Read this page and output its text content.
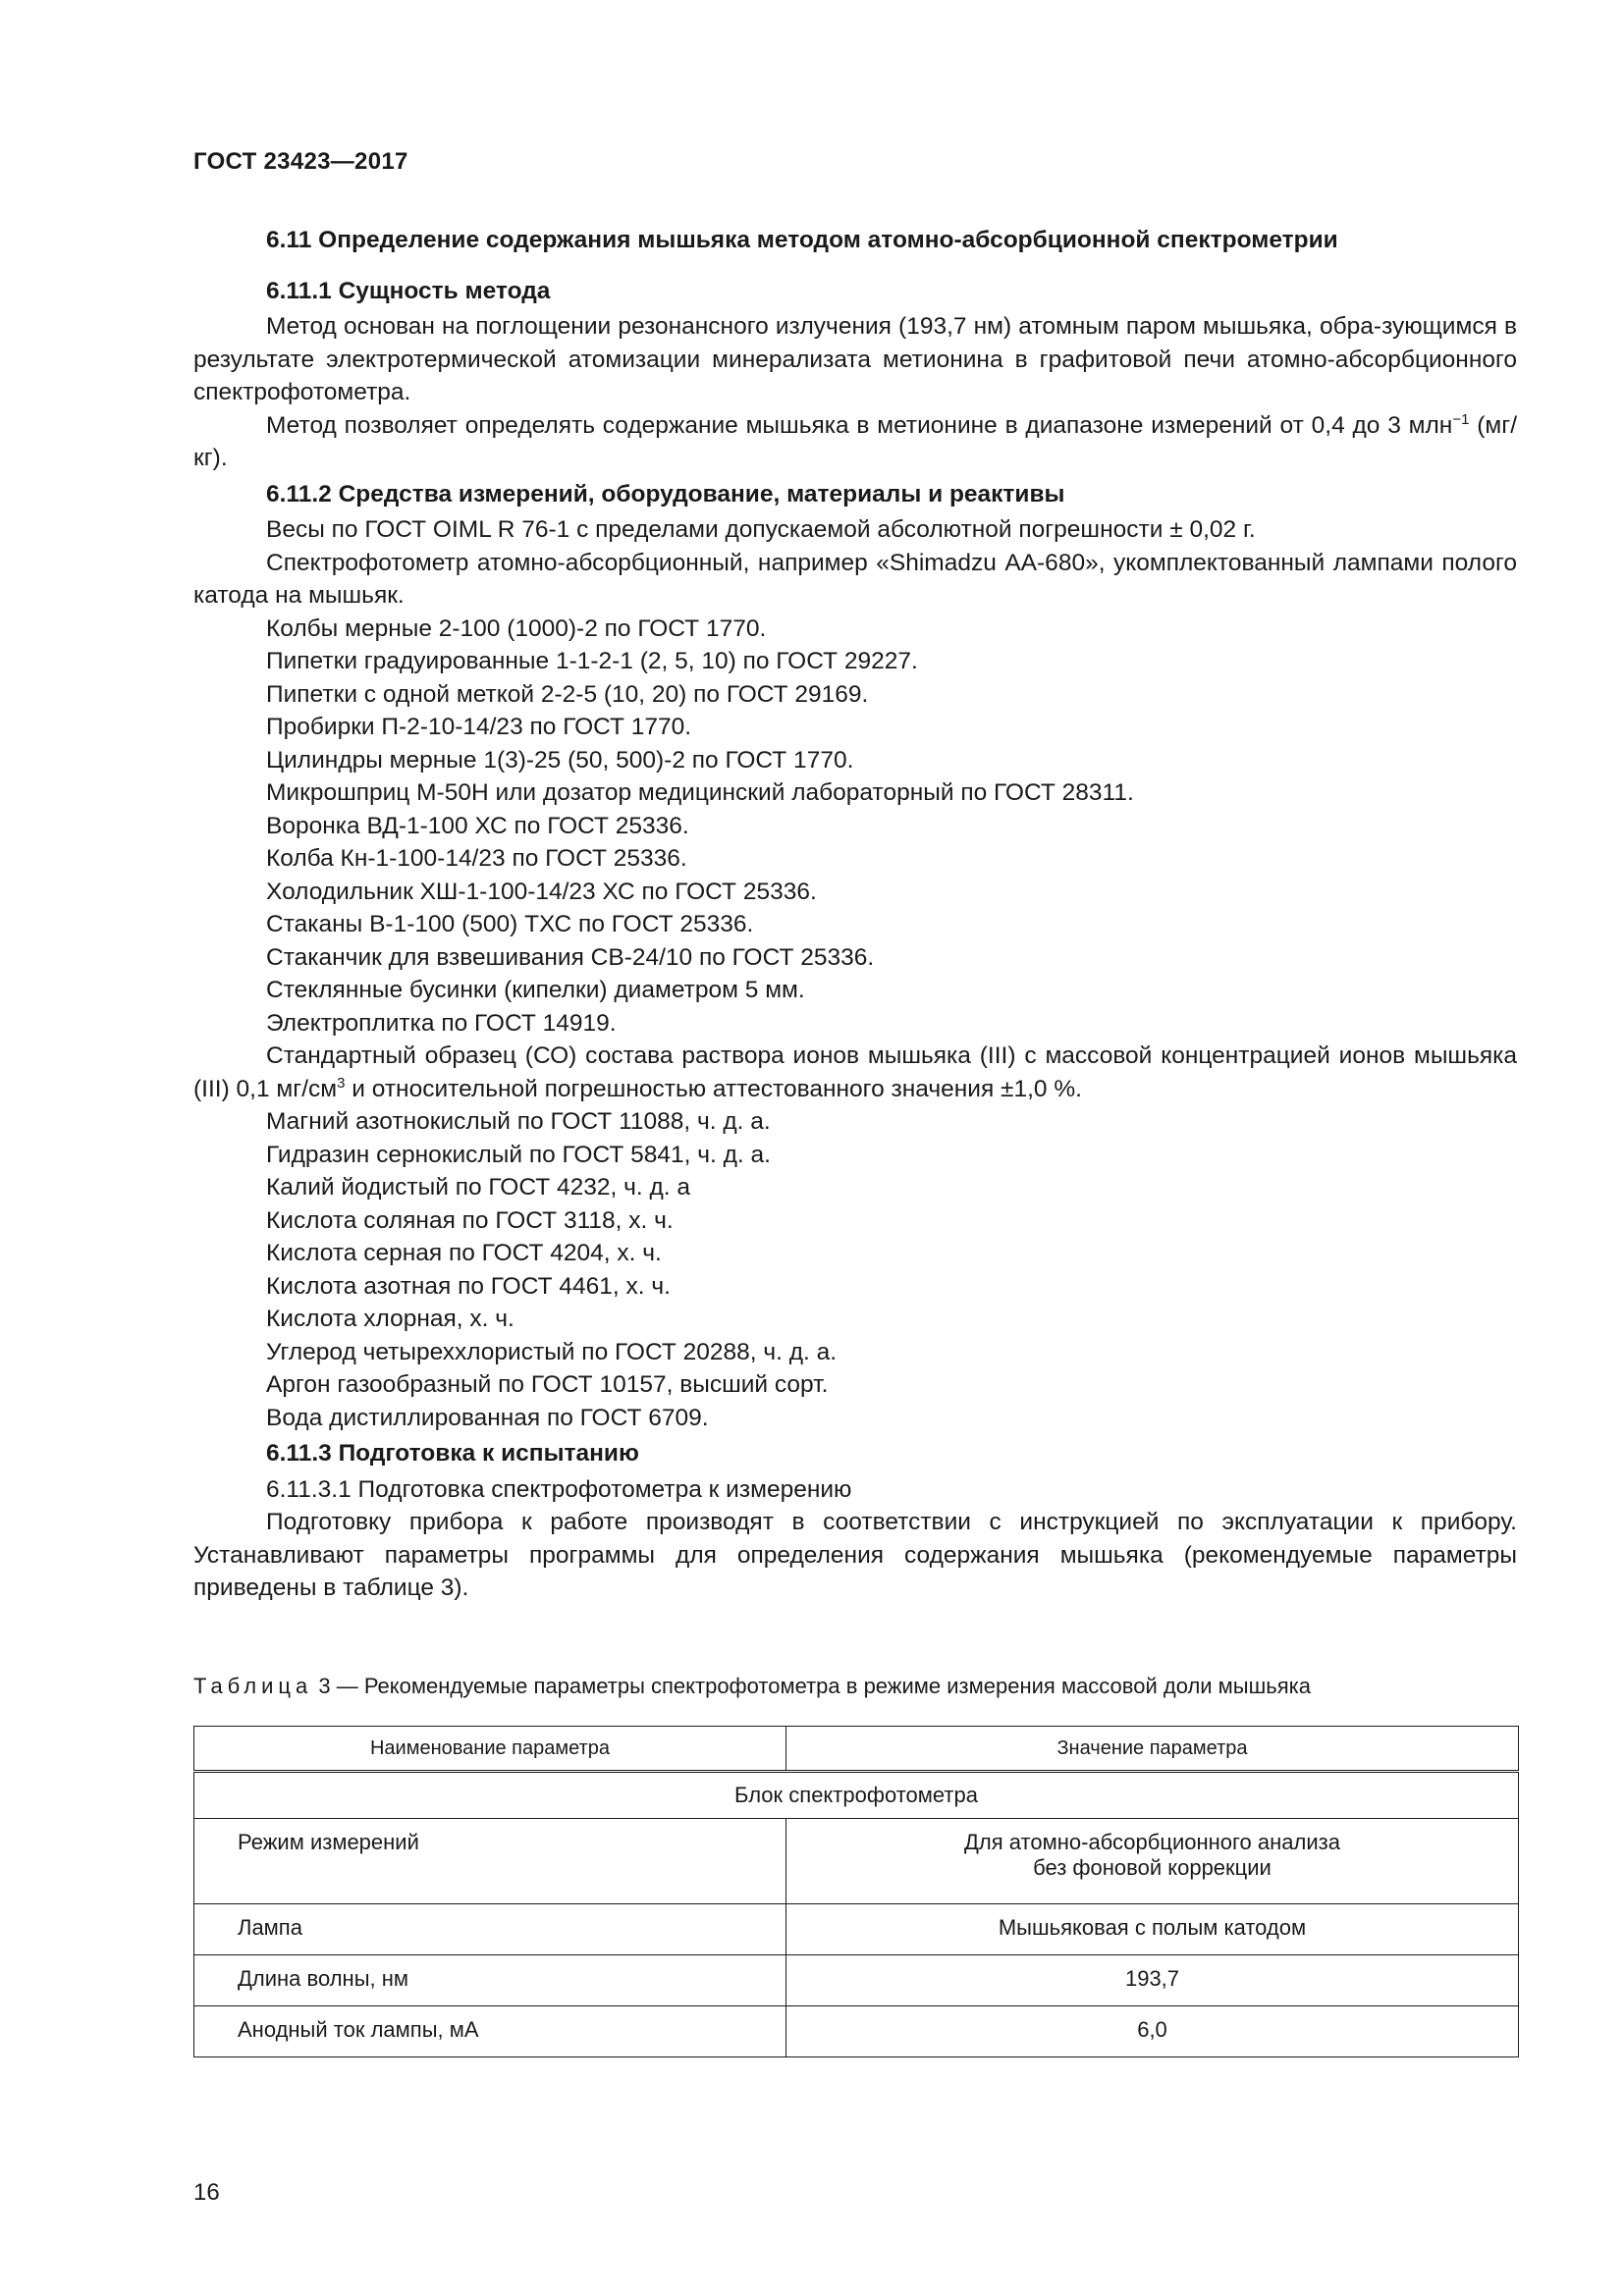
ГОСТ 23423—2017

6.11 Определение содержания мышьяка методом атомно-абсорбционной спектрометрии

6.11.1 Сущность метода

Метод основан на поглощении резонансного излучения (193,7 нм) атомным паром мышьяка, обра-зующимся в результате электротермической атомизации минерализата метионина в графитовой печи атомно-абсорбционного спектрофотометра.

Метод позволяет определять содержание мышьяка в метионине в диапазоне измерений от 0,4 до 3 млн$^{-1}$ (мг/кг).

6.11.2 Средства измерений, оборудование, материалы и реактивы

Весы по ГОСТ OIML R 76-1 с пределами допускаемой абсолютной погрешности ± 0,02 г.

Спектрофотометр атомно-абсорбционный, например «Shimadzu АА-680», укомплектованный лампами полого катода на мышьяк.

Колбы мерные 2-100 (1000)-2 по ГОСТ 1770.

Пипетки градуированные 1-1-2-1 (2, 5, 10) по ГОСТ 29227.

Пипетки с одной меткой 2-2-5 (10, 20) по ГОСТ 29169.

Пробирки П-2-10-14/23 по ГОСТ 1770.

Цилиндры мерные 1(3)-25 (50, 500)-2 по ГОСТ 1770.

Микрошприц М-50Н или дозатор медицинский лабораторный по ГОСТ 28311.

Воронка ВД-1-100 ХС по ГОСТ 25336.

Колба Кн-1-100-14/23 по ГОСТ 25336.

Холодильник ХШ-1-100-14/23 ХС по ГОСТ 25336.

Стаканы В-1-100 (500) ТХС по ГОСТ 25336.

Стаканчик для взвешивания СВ-24/10 по ГОСТ 25336.

Стеклянные бусинки (кипелки) диаметром 5 мм.

Электроплитка по ГОСТ 14919.

Стандартный образец (СО) состава раствора ионов мышьяка (III) с массовой концентрацией ионов мышьяка (III) 0,1 $мг/см^3$ и относительной погрешностью аттестованного значения ±1,0 %.

Магний азотнокислый по ГОСТ 11088, ч. д. а.

Гидразин сернокислый по ГОСТ 5841, ч. д. а.

Калий йодистый по ГОСТ 4232, ч. д. а

Кислота соляная по ГОСТ 3118, х. ч.

Кислота серная по ГОСТ 4204, х. ч.

Кислота азотная по ГОСТ 4461, х. ч.

Кислота хлорная, х. ч.

Углерод четыреххлористый по ГОСТ 20288, ч. д. а.

Аргон газообразный по ГОСТ 10157, высший сорт.

Вода дистиллированная по ГОСТ 6709.

6.11.3 Подготовка к испытанию

6.11.3.1 Подготовка спектрофотометра к измерению

Подготовку прибора к работе производят в соответствии с инструкцией по эксплуатации к прибору. Устанавливают параметры программы для определения содержания мышьяка (рекомендуемые параметры приведены в таблице 3).

Таблица 3 — Рекомендуемые параметры спектрофотометра в режиме измерения массовой доли мышьяка
Наименование параметра	Значение параметра
Блок спектрофотометра	
Режим измерений	Для атомно-абсорбционного анализа
без фоновой коррекции
Лампа	Мышьяковая с полым катодом
Длина волны, нм	193,7
Анодный ток лампы, мА	6,0
16
